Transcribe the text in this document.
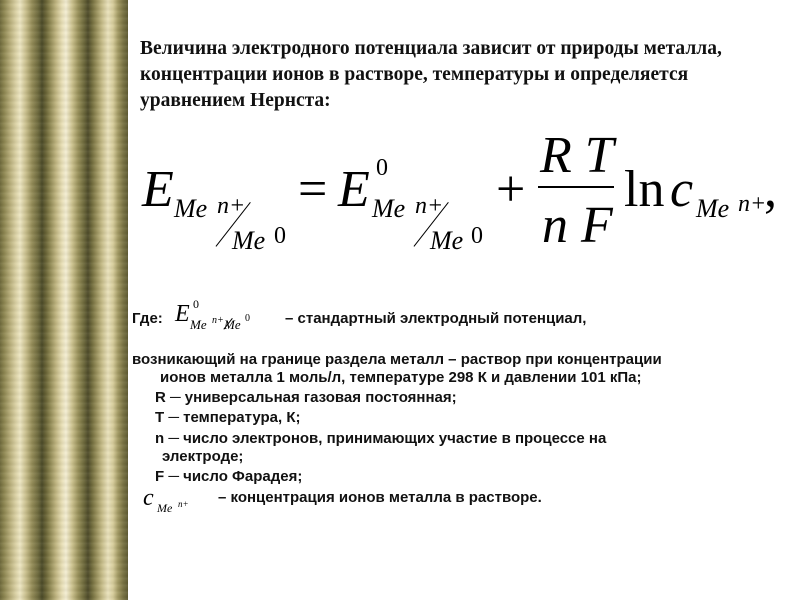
Величина электродного потенциала зависит от природы металла, концентрации ионов в растворе, температуры и определяется уравнением Нернста:

E Me n+
Me 0
= E 0
Me n+
Me 0
+
R T
n F
ln c Me n+
,
Где: E 0
Me n+ Me 0 – стандартный электродный потенциал,
возникающий на границе раздела металл – раствор при концентрации
ионов металла 1 моль/л, температуре 298 К и давлении 101 кПа;
R ─ универсальная газовая постоянная;
T ─ температура, К;
n ─ число электронов, принимающих участие в процессе на
электроде;
F ─ число Фарадея;
c Me n+ – концентрация ионов металла в растворе.
